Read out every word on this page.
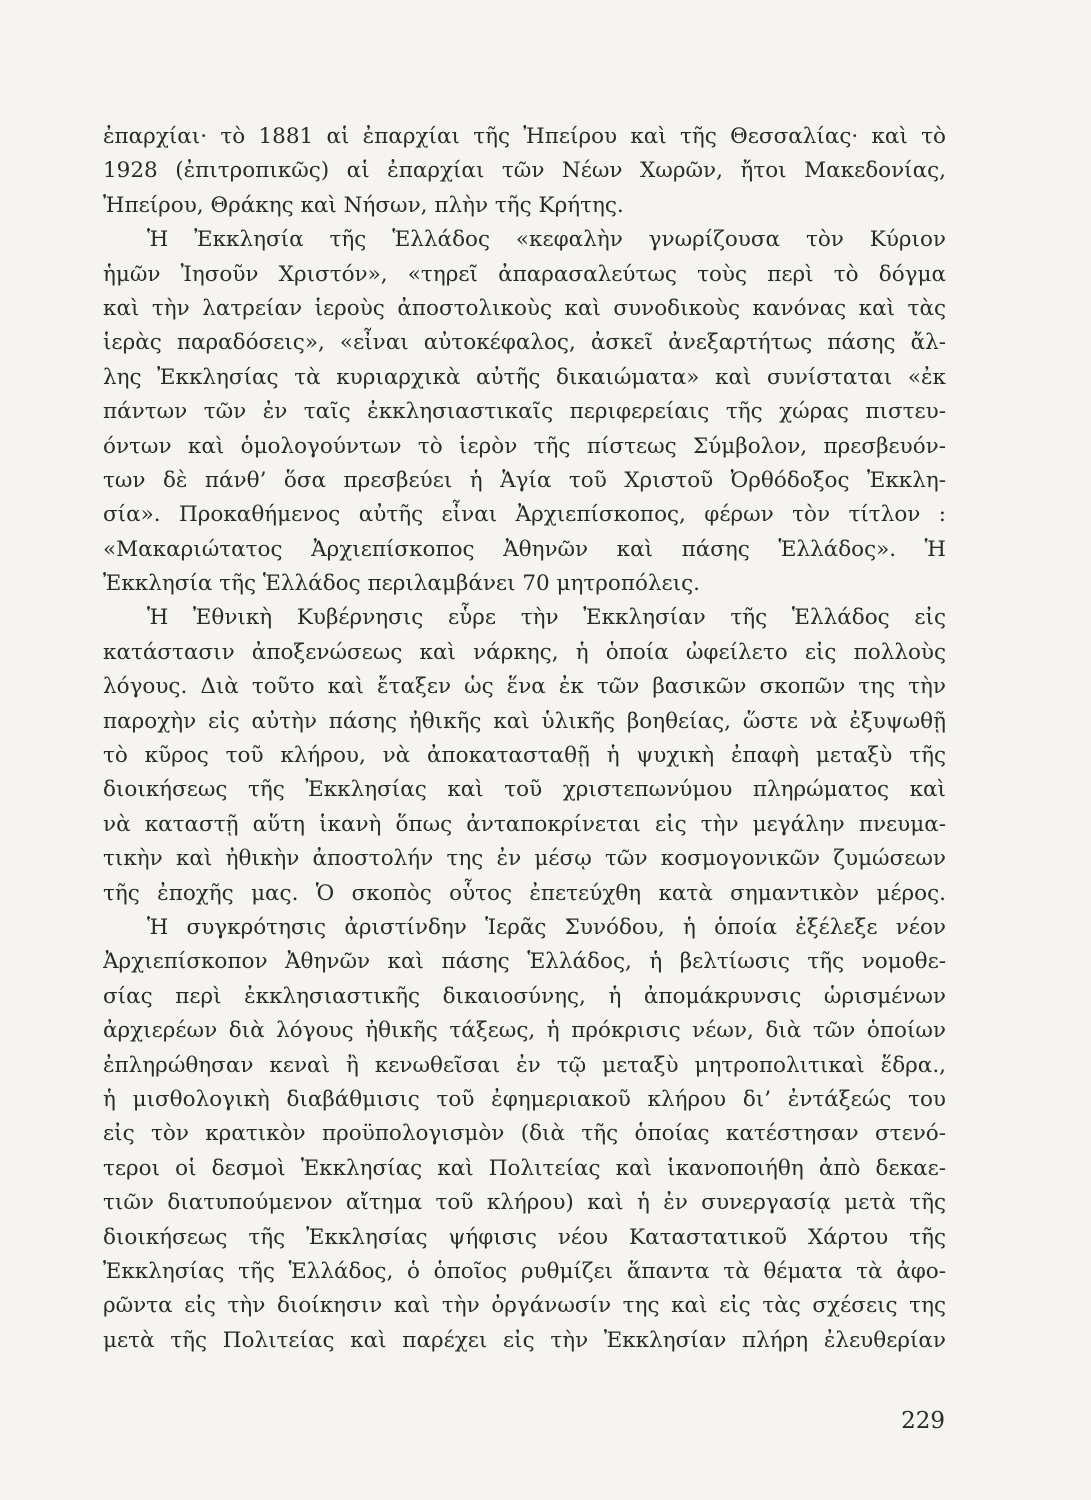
ἐπαρχίαι· τὸ 1881 αἱ ἐπαρχίαι τῆς Ἠπείρου καὶ τῆς Θεσσαλίας· καὶ τὸ
1928 (ἐπιτροπικῶς) αἱ ἐπαρχίαι τῶν Νέων Χωρῶν, ἤτοι Μακεδονίας,
Ἠπείρου, Θράκης καὶ Νήσων, πλὴν τῆς Κρήτης.
Ἡ Ἐκκλησία τῆς Ἑλλάδος «κεφαλὴν γνωρίζουσα τὸν Κύριον
ἡμῶν Ἰησοῦν Χριστόν», «τηρεῖ ἀπαρασαλεύτως τοὺς περὶ τὸ δόγμα
καὶ τὴν λατρείαν ἱεροὺς ἀποστολικοὺς καὶ συνοδικοὺς κανόνας καὶ τὰς
ἱερὰς παραδόσεις», «εἶναι αὐτοκέφαλος, ἀσκεῖ ἀνεξαρτήτως πάσης ἄλ-
λης Ἐκκλησίας τὰ κυριαρχικὰ αὐτῆς δικαιώματα» καὶ συνίσταται «ἐκ
πάντων τῶν ἐν ταῖς ἐκκλησιαστικαῖς περιφερείαις τῆς χώρας πιστευ-
όντων καὶ ὁμολογούντων τὸ ἱερὸν τῆς πίστεως Σύμβολον, πρεσβευόν-
των δὲ πάνθ’ ὅσα πρεσβεύει ἡ Ἁγία τοῦ Χριστοῦ Ὀρθόδοξος Ἐκκλη-
σία». Προκαθήμενος αὐτῆς εἶναι Ἀρχιεπίσκοπος, φέρων τὸν τίτλον :
«Μακαριώτατος Ἀρχιεπίσκοπος Ἀθηνῶν καὶ πάσης Ἑλλάδος». Ἡ
Ἐκκλησία τῆς Ἑλλάδος περιλαμβάνει 70 μητροπόλεις.
Ἡ Ἐθνικὴ Κυβέρνησις εὗρε τὴν Ἐκκλησίαν τῆς Ἑλλάδος εἰς
κατάστασιν ἀποξενώσεως καὶ νάρκης, ἡ ὁποία ὠφείλετο εἰς πολλοὺς
λόγους. Διὰ τοῦτο καὶ ἔταξεν ὡς ἕνα ἐκ τῶν βασικῶν σκοπῶν της τὴν
παροχὴν εἰς αὐτὴν πάσης ἠθικῆς καὶ ὑλικῆς βοηθείας, ὥστε νὰ ἐξυψωθῇ
τὸ κῦρος τοῦ κλήρου, νὰ ἀποκατασταθῇ ἡ ψυχικὴ ἐπαφὴ μεταξὺ τῆς
διοικήσεως τῆς Ἐκκλησίας καὶ τοῦ χριστεπωνύμου πληρώματος καὶ
νὰ καταστῇ αὕτη ἱκανὴ ὅπως ἀνταποκρίνεται εἰς τὴν μεγάλην πνευμα-
τικὴν καὶ ἠθικὴν ἀποστολήν της ἐν μέσῳ τῶν κοσμογονικῶν ζυμώσεων
τῆς ἐποχῆς μας. Ὁ σκοπὸς οὗτος ἐπετεύχθη κατὰ σημαντικὸν μέρος.
Ἡ συγκρότησις ἀριστίνδην Ἱερᾶς Συνόδου, ἡ ὁποία ἐξέλεξε νέον
Ἀρχιεπίσκοπον Ἀθηνῶν καὶ πάσης Ἑλλάδος, ἡ βελτίωσις τῆς νομοθε-
σίας περὶ ἐκκλησιαστικῆς δικαιοσύνης, ἡ ἀπομάκρυνσις ὡρισμένων
ἀρχιερέων διὰ λόγους ἠθικῆς τάξεως, ἡ πρόκρισις νέων, διὰ τῶν ὁποίων
ἐπληρώθησαν κεναὶ ἢ κενωθεῖσαι ἐν τῷ μεταξὺ μητροπολιτικαὶ ἕδρα.,
ἡ μισθολογικὴ διαβάθμισις τοῦ ἐφημεριακοῦ κλήρου δι’ ἐντάξεώς του
εἰς τὸν κρατικὸν προϋπολογισμὸν (διὰ τῆς ὁποίας κατέστησαν στενό-
τεροι οἱ δεσμοὶ Ἐκκλησίας καὶ Πολιτείας καὶ ἱκανοποιήθη ἀπὸ δεκαε-
τιῶν διατυπούμενον αἴτημα τοῦ κλήρου) καὶ ἡ ἐν συνεργασίᾳ μετὰ τῆς
διοικήσεως τῆς Ἐκκλησίας ψήφισις νέου Καταστατικοῦ Χάρτου τῆς
Ἐκκλησίας τῆς Ἑλλάδος, ὁ ὁποῖος ρυθμίζει ἅπαντα τὰ θέματα τὰ ἀφο-
ρῶντα εἰς τὴν διοίκησιν καὶ τὴν ὀργάνωσίν της καὶ εἰς τὰς σχέσεις της
μετὰ τῆς Πολιτείας καὶ παρέχει εἰς τὴν Ἐκκλησίαν πλήρη ἐλευθερίαν
229
